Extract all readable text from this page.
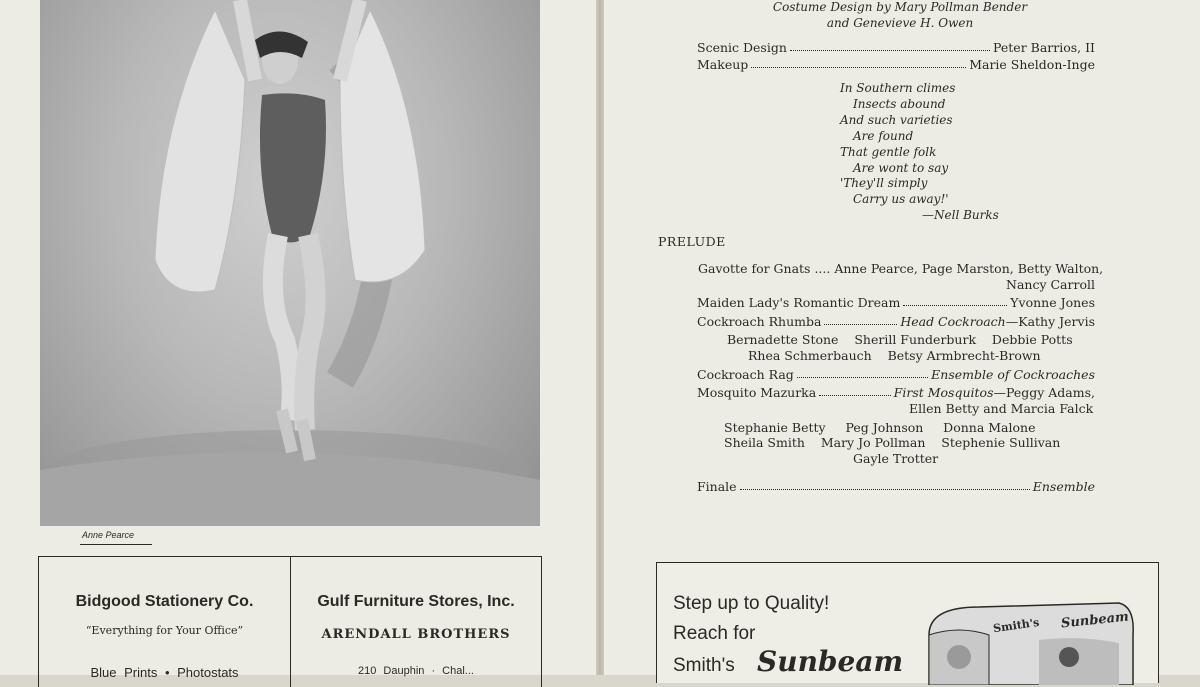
Anne Pearce
Bidgood Stationery Co.
“Everything for Your Office”
Blue Prints • Photostats
Gulf Furniture Stores, Inc.
ARENDALL BROTHERS
210 Dauphin · Chal...
Costume Design by Mary Pollman Bender
and Genevieve H. Owen
Scenic Design	Peter Barrios, II
Makeup	Marie Sheldon-Inge
In Southern climes
Insects abound
And such varieties
Are found
That gentle folk
Are wont to say
'They'll simply
Carry us away!'
—Nell Burks
PRELUDE
Gavotte for Gnats .... Anne Pearce, Page Marston, Betty Walton,
Nancy Carroll
Maiden Lady's Romantic Dream	Yvonne Jones
Cockroach Rhumba	Head Cockroach—Kathy Jervis
Bernadette Stone    Sherill Funderburk    Debbie Potts
Rhea Schmerbauch    Betsy Armbrecht-Brown
Cockroach Rag	Ensemble of Cockroaches
Mosquito Mazurka	First Mosquitos—Peggy Adams,
Ellen Betty and Marcia Falck
Stephanie Betty     Peg Johnson     Donna Malone
Sheila Smith    Mary Jo Pollman    Stephenie Sullivan
Gayle Trotter
Finale	Ensemble
Step up to Quality!
Reach for
Smith's Sunbeam
Smith's Sunbeam
